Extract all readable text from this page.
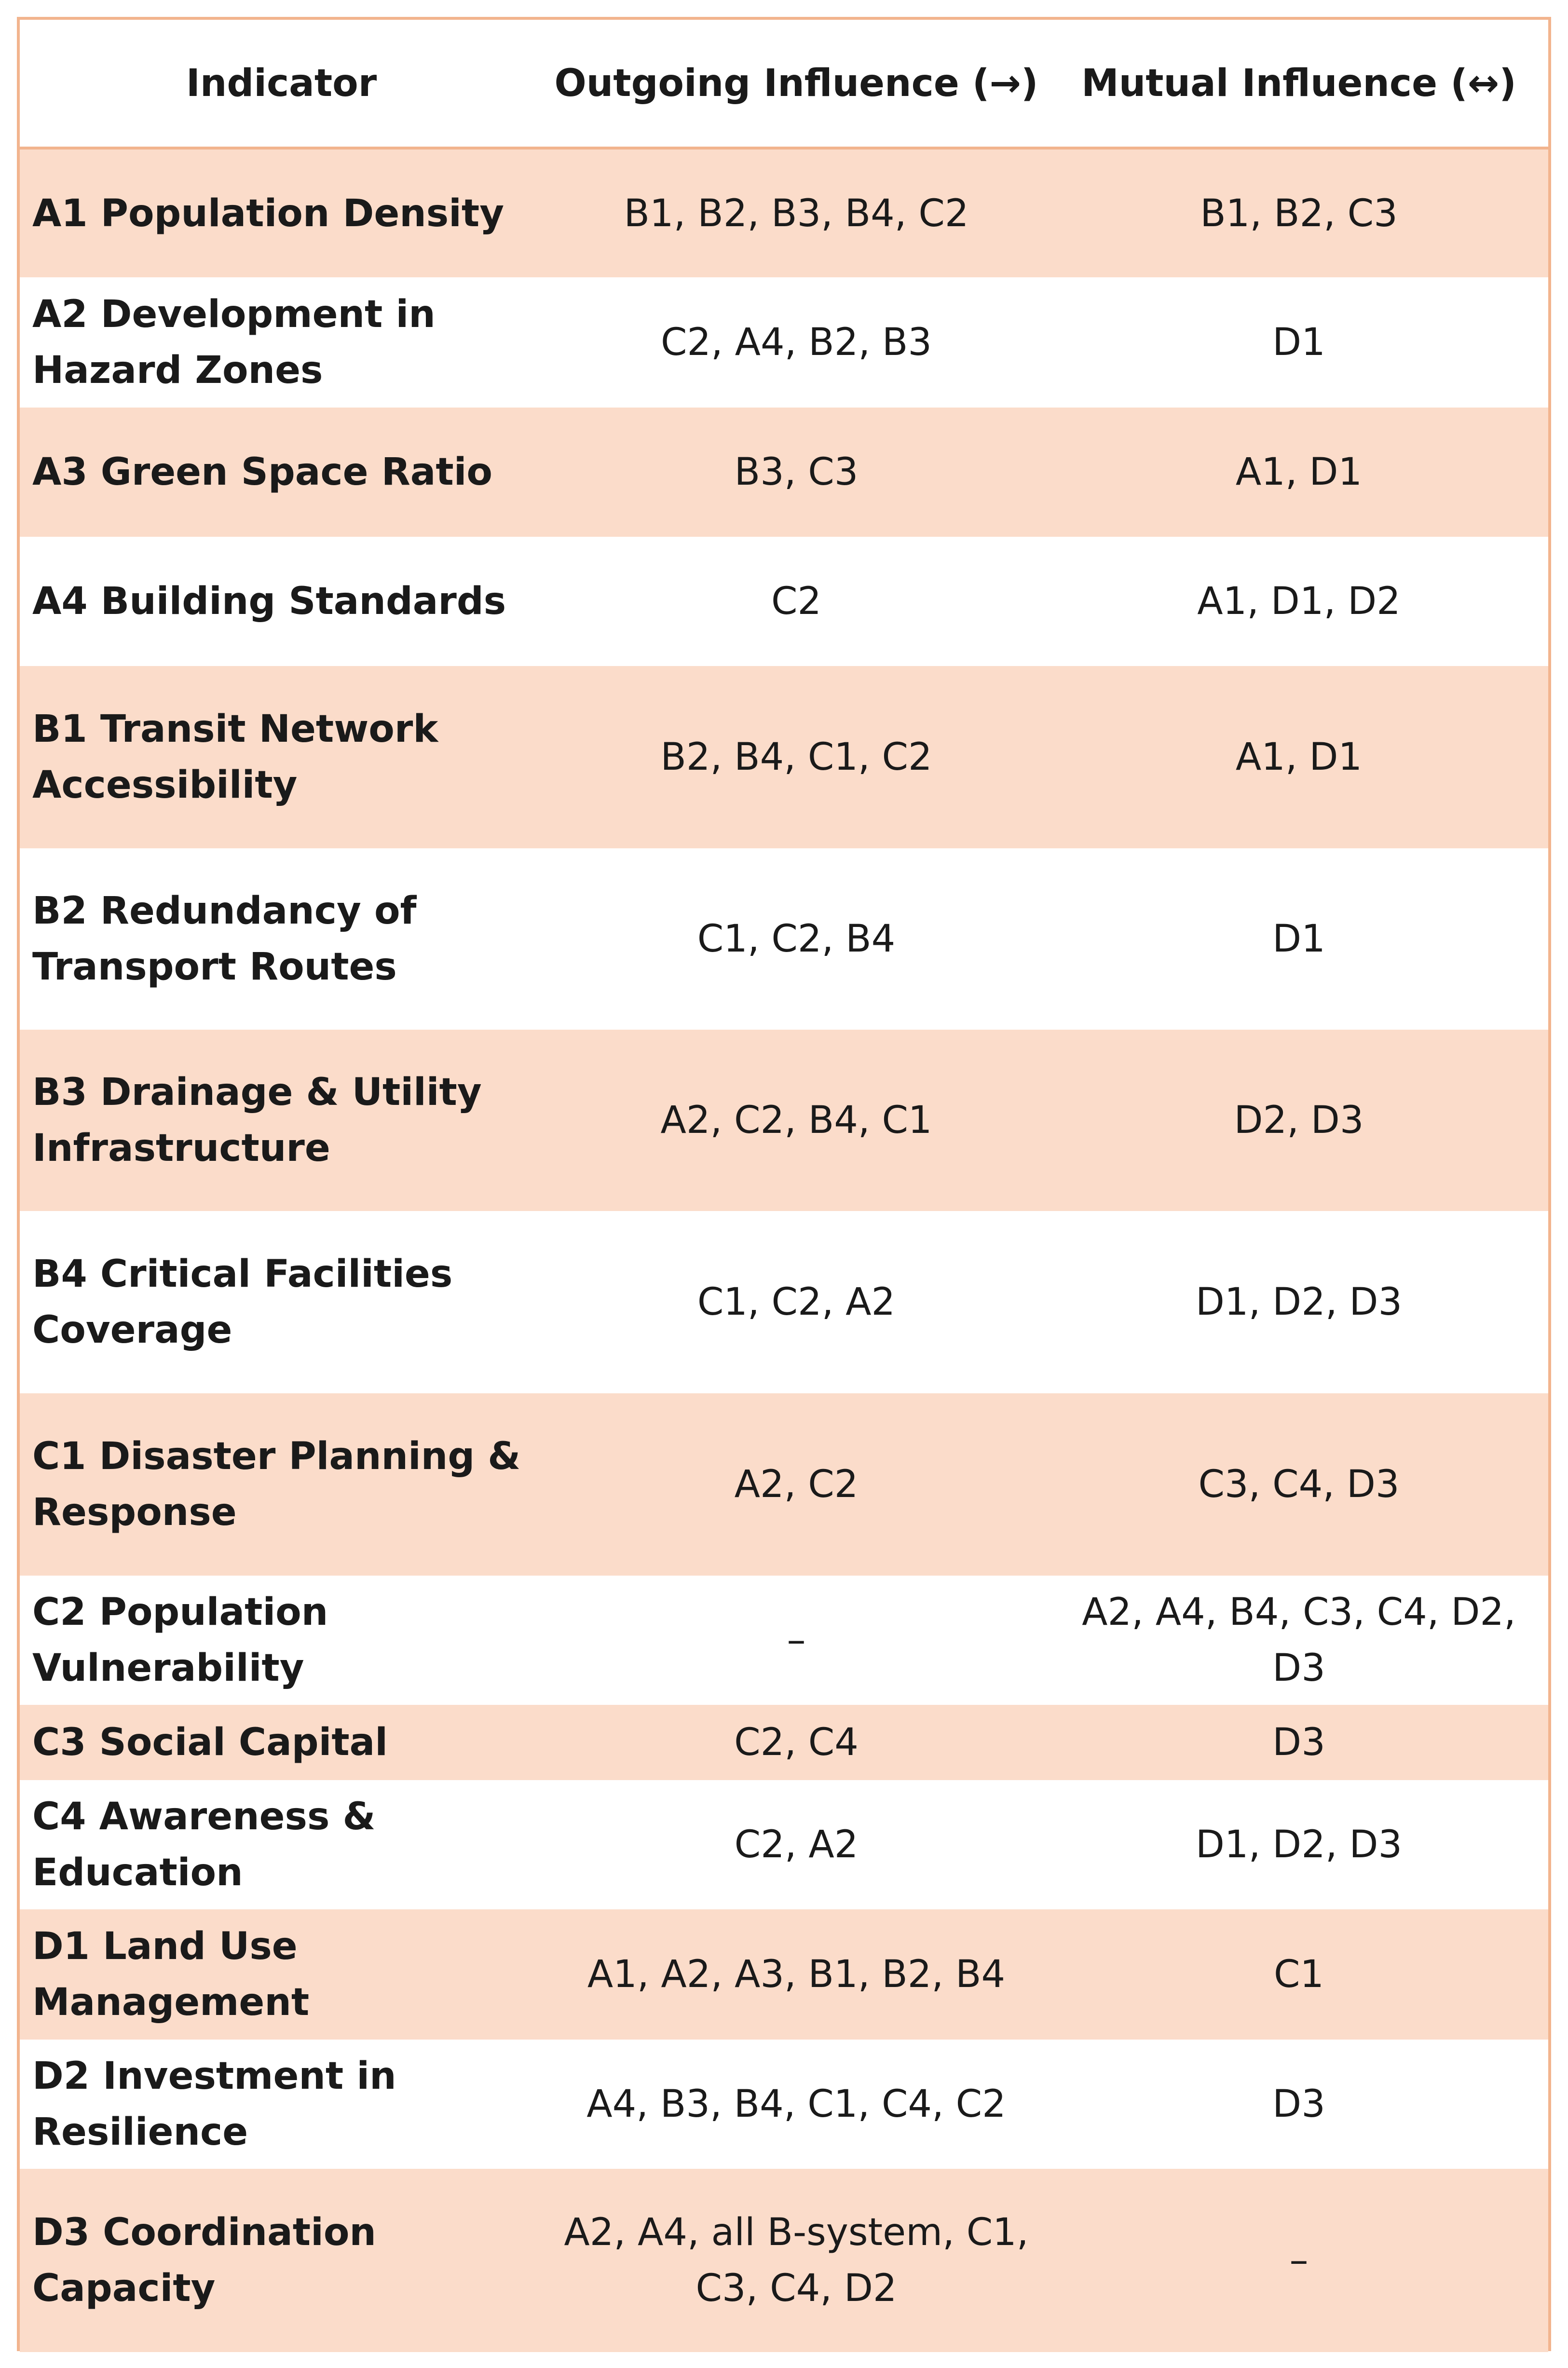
Indicator	Outgoing Influence (→)	Mutual Influence (↔)
A1 Population Density	B1, B2, B3, B4, C2	B1, B2, C3
A2 Development in Hazard Zones	C2, A4, B2, B3	D1
A3 Green Space Ratio	B3, C3	A1, D1
A4 Building Standards	C2	A1, D1, D2
B1 Transit Network Accessibility	B2, B4, C1, C2	A1, D1
B2 Redundancy of Transport Routes	C1, C2, B4	D1
B3 Drainage & Utility Infrastructure	A2, C2, B4, C1	D2, D3
B4 Critical Facilities Coverage	C1, C2, A2	D1, D2, D3
C1 Disaster Planning & Response	A2, C2	C3, C4, D3
C2 Population Vulnerability	–	A2, A4, B4, C3, C4, D2, D3
C3 Social Capital	C2, C4	D3
C4 Awareness & Education	C2, A2	D1, D2, D3
D1 Land Use Management	A1, A2, A3, B1, B2, B4	C1
D2 Investment in Resilience	A4, B3, B4, C1, C4, C2	D3
D3 Coordination Capacity	A2, A4, all B-system, C1, C3, C4, D2	–
